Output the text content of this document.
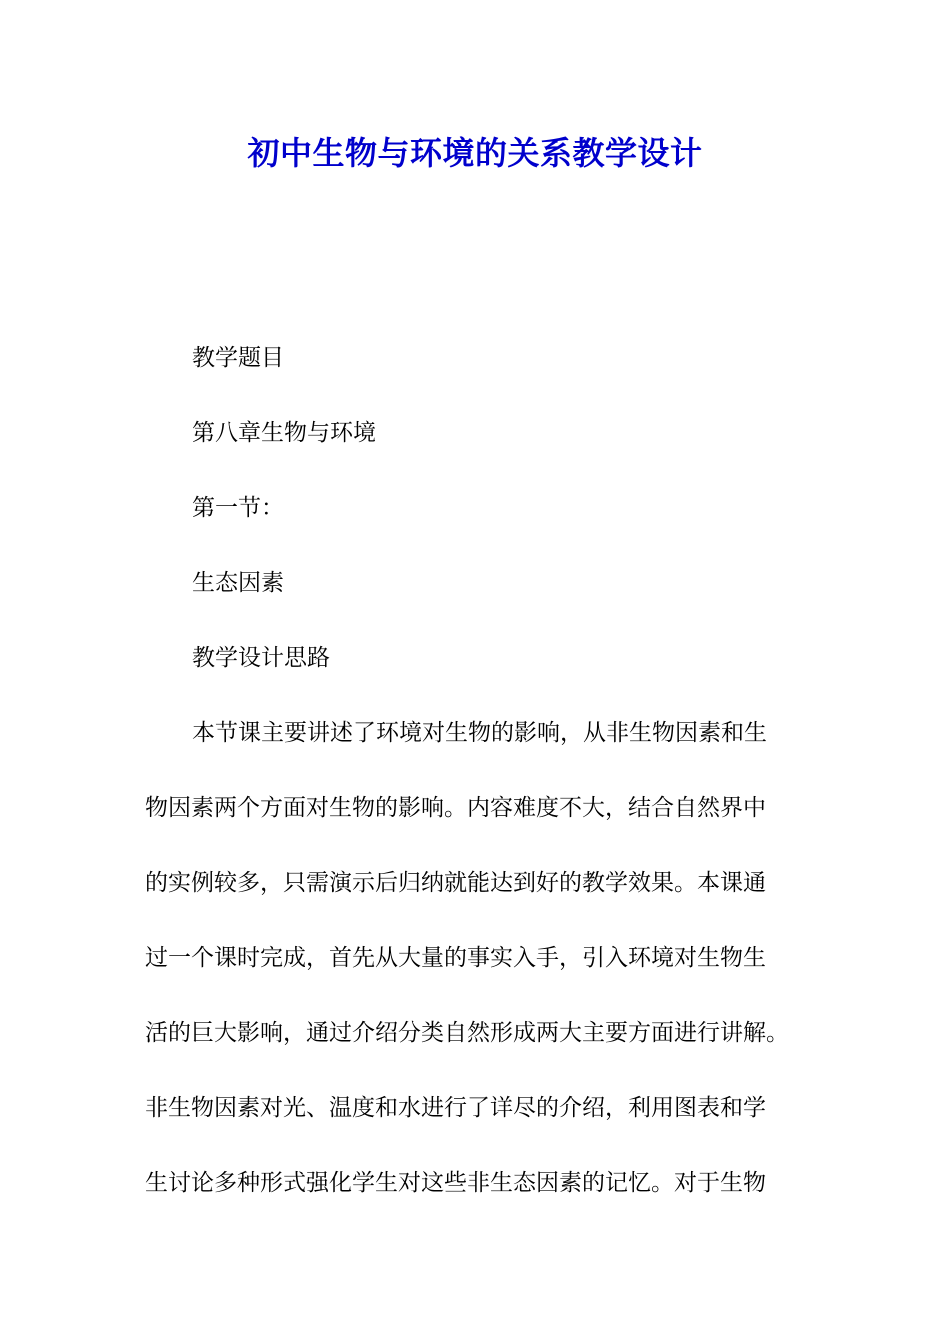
初中生物与环境的关系教学设计
教学题目
第八章生物与环境
第一节：
生态因素
教学设计思路
本节课主要讲述了环境对生物的影响，从非生物因素和生
物因素两个方面对生物的影响。内容难度不大，结合自然界中
的实例较多，只需演示后归纳就能达到好的教学效果。本课通
过一个课时完成，首先从大量的事实入手，引入环境对生物生
活的巨大影响，通过介绍分类自然形成两大主要方面进行讲解。
非生物因素对光、温度和水进行了详尽的介绍，利用图表和学
生讨论多种形式强化学生对这些非生态因素的记忆。对于生物
